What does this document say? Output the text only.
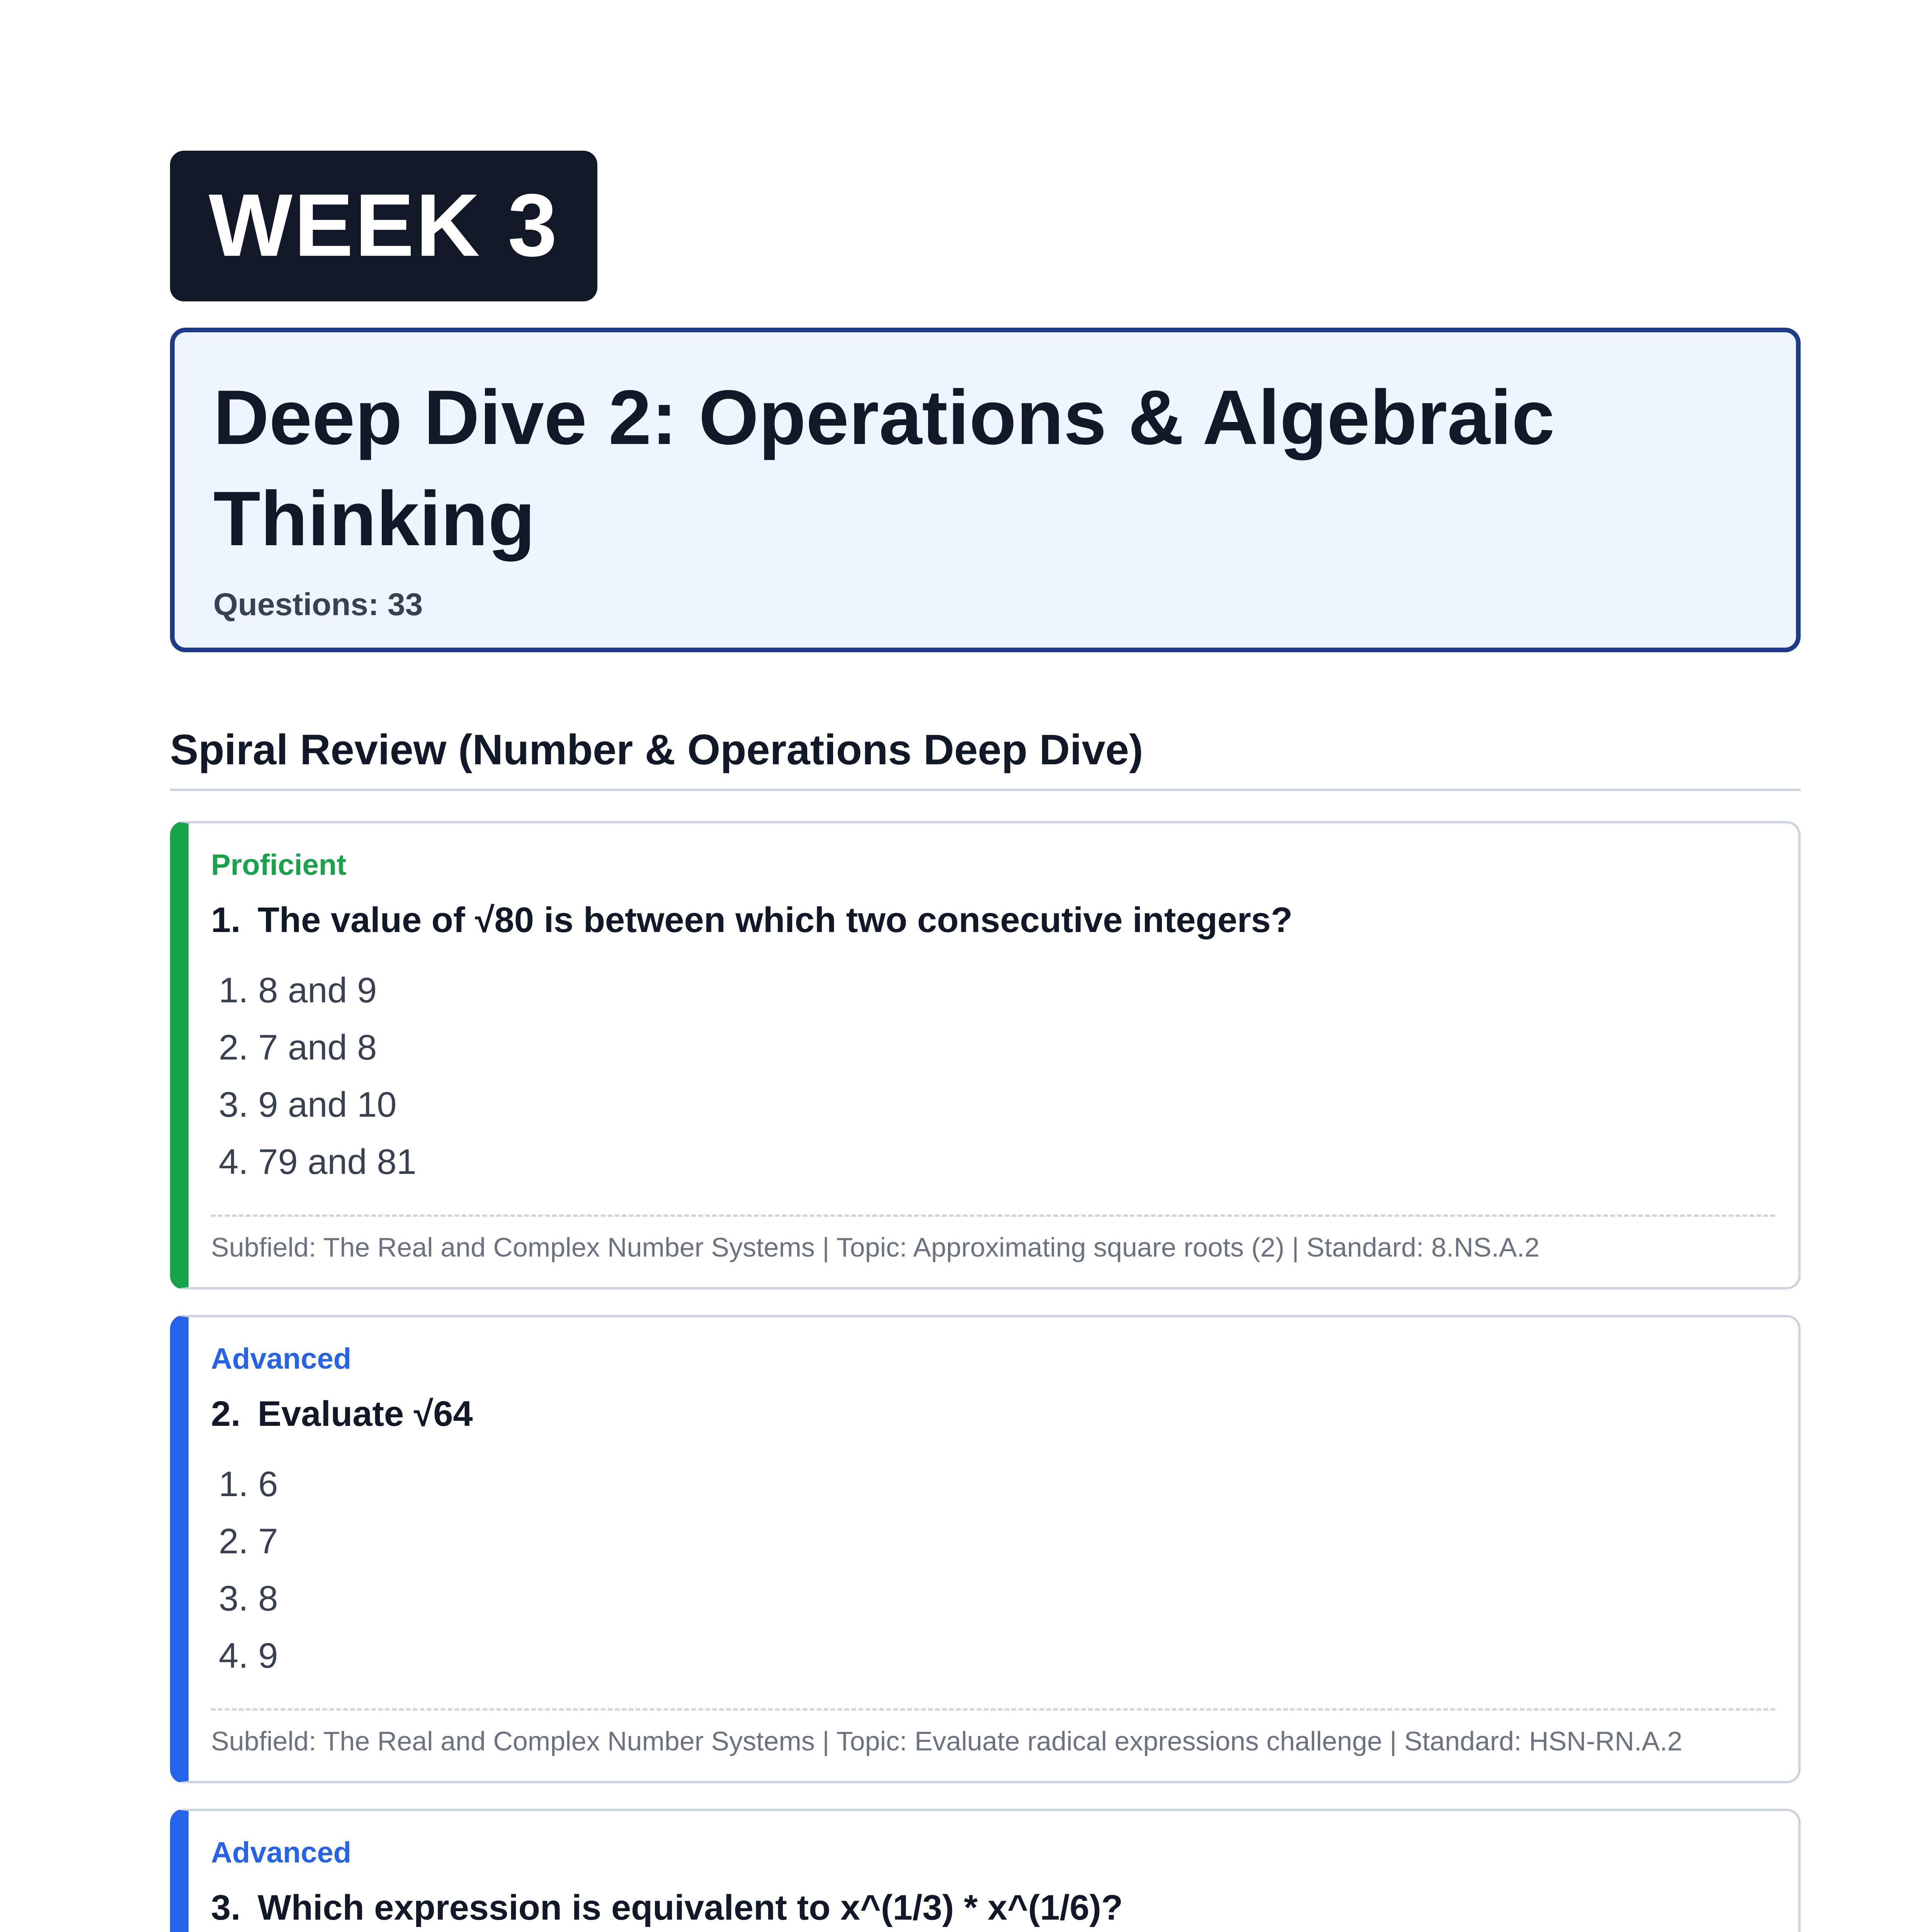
WEEK 3
Deep Dive 2: Operations & Algebraic Thinking
Questions: 33
Spiral Review (Number & Operations Deep Dive)
Proficient
1. The value of √80 is between which two consecutive integers?
1. 8 and 9
2. 7 and 8
3. 9 and 10
4. 79 and 81
Subfield: The Real and Complex Number Systems | Topic: Approximating square roots (2) | Standard: 8.NS.A.2
Advanced
2. Evaluate √64
1. 6
2. 7
3. 8
4. 9
Subfield: The Real and Complex Number Systems | Topic: Evaluate radical expressions challenge | Standard: HSN-RN.A.2
Advanced
3. Which expression is equivalent to x^(1/3) * x^(1/6)?
